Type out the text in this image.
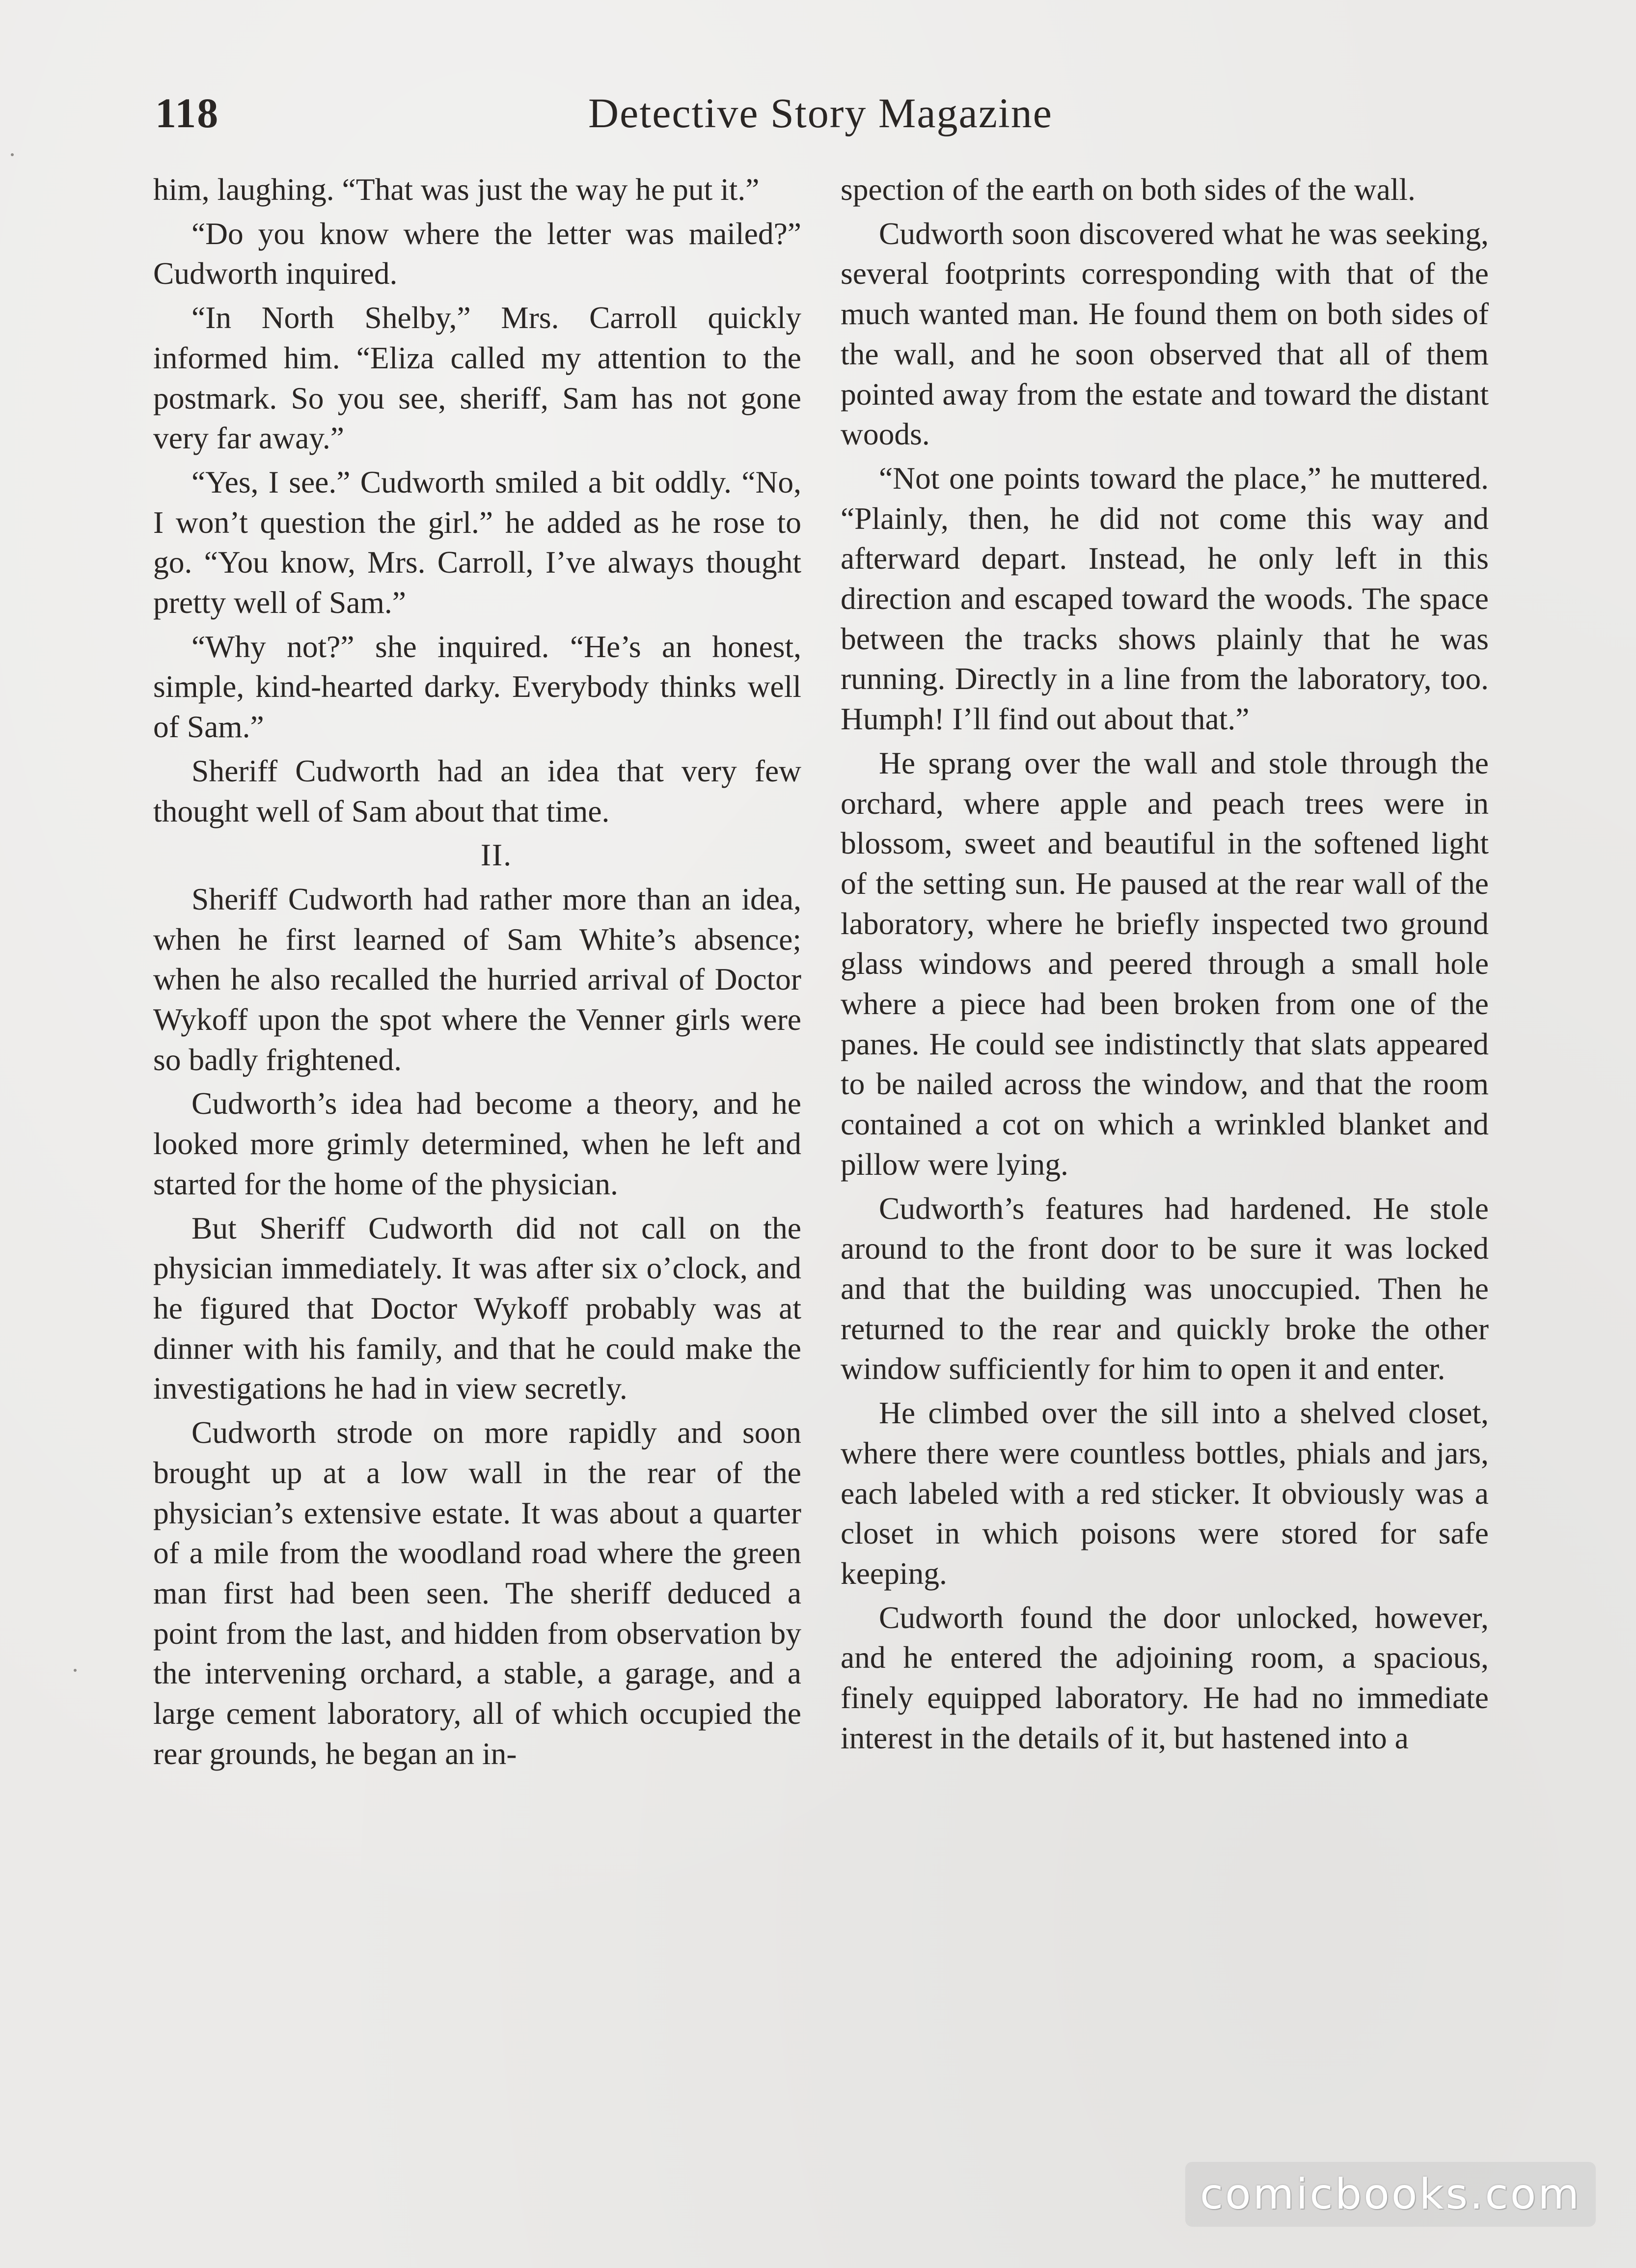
118	Detective Story Magazine

him, laughing. “That was just the way he put it.”

“Do you know where the letter was mailed?” Cudworth inquired.

“In North Shelby,” Mrs. Carroll quickly informed him. “Eliza called my attention to the postmark. So you see, sheriff, Sam has not gone very far away.”

“Yes, I see.” Cudworth smiled a bit oddly. “No, I won’t question the girl.” he added as he rose to go. “You know, Mrs. Carroll, I’ve always thought pretty well of Sam.”

“Why not?” she inquired. “He’s an honest, simple, kind-hearted darky. Everybody thinks well of Sam.”

Sheriff Cudworth had an idea that very few thought well of Sam about that time.

II.

Sheriff Cudworth had rather more than an idea, when he first learned of Sam White’s absence; when he also recalled the hurried arrival of Doctor Wykoff upon the spot where the Venner girls were so badly frightened.

Cudworth’s idea had become a theory, and he looked more grimly determined, when he left and started for the home of the physician.

But Sheriff Cudworth did not call on the physician immediately. It was after six o’clock, and he figured that Doctor Wykoff probably was at dinner with his family, and that he could make the investigations he had in view secretly.

Cudworth strode on more rapidly and soon brought up at a low wall in the rear of the physician’s extensive estate. It was about a quarter of a mile from the woodland road where the green man first had been seen. The sheriff deduced a point from the last, and hidden from observation by the intervening orchard, a stable, a garage, and a large cement laboratory, all of which occupied the rear grounds, he began an in-

spection of the earth on both sides of the wall.

Cudworth soon discovered what he was seeking, several footprints corresponding with that of the much wanted man. He found them on both sides of the wall, and he soon observed that all of them pointed away from the estate and toward the distant woods.

“Not one points toward the place,” he muttered. “Plainly, then, he did not come this way and afterward depart. Instead, he only left in this direction and escaped toward the woods. The space between the tracks shows plainly that he was running. Directly in a line from the laboratory, too. Humph! I’ll find out about that.”

He sprang over the wall and stole through the orchard, where apple and peach trees were in blossom, sweet and beautiful in the softened light of the setting sun. He paused at the rear wall of the laboratory, where he briefly inspected two ground glass windows and peered through a small hole where a piece had been broken from one of the panes. He could see indistinctly that slats appeared to be nailed across the window, and that the room contained a cot on which a wrinkled blanket and pillow were lying.

Cudworth’s features had hardened. He stole around to the front door to be sure it was locked and that the building was unoccupied. Then he returned to the rear and quickly broke the other window sufficiently for him to open it and enter.

He climbed over the sill into a shelved closet, where there were countless bottles, phials and jars, each labeled with a red sticker. It obviously was a closet in which poisons were stored for safe keeping.

Cudworth found the door unlocked, however, and he entered the adjoining room, a spacious, finely equipped laboratory. He had no immediate interest in the details of it, but hastened into a

comicbooks.com
